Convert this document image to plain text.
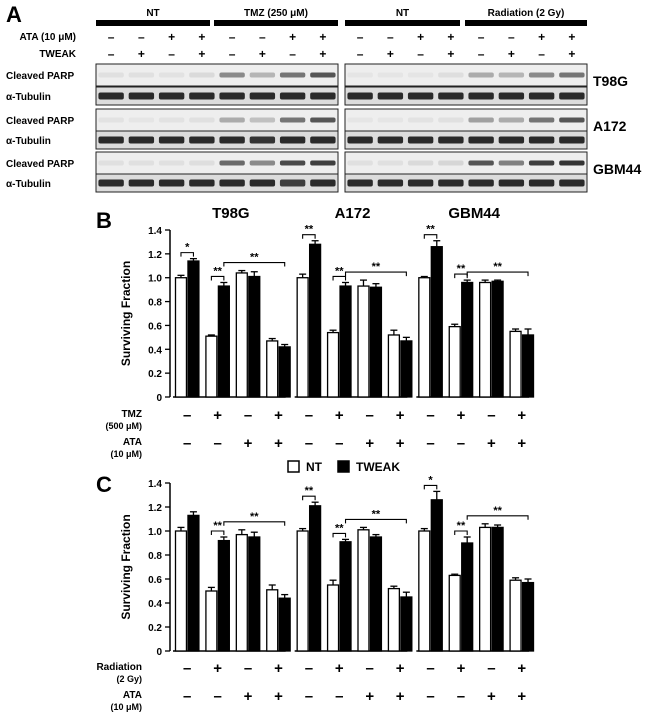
A	NT	TMZ (250 μM)	NT	Radiation (2 Gy)
ATA (10 μM)	– – + + – – + +	– – + + – – + +
TWEAK	– + – + – + – +	– + – + – + – +
Cleaved PARP	T98G
α-Tubulin
Cleaved PARP	A172
α-Tubulin
Cleaved PARP	GBM44
α-Tubulin
B
0
0.2
0.4
0.6
0.8
1.0
1.2
1.4
Surviving Fraction
T98G
*
**
**
A172
**
**	**
GBM44
**
**	**
TMZ
(500 μM)
– + – + – + – + – + – +
ATA
(10 μM)
– – + + – – + + – – + +
NT	TWEAK
C
0
0.2
0.4
0.6
0.8
1.0
1.2
1.4
Surviving Fraction	**
**
**
**
**
*
**
**
Radiation
(2 Gy)
– + – + – + – + – + – +
ATA
(10 μM)
– – + + – – + + – – + +
